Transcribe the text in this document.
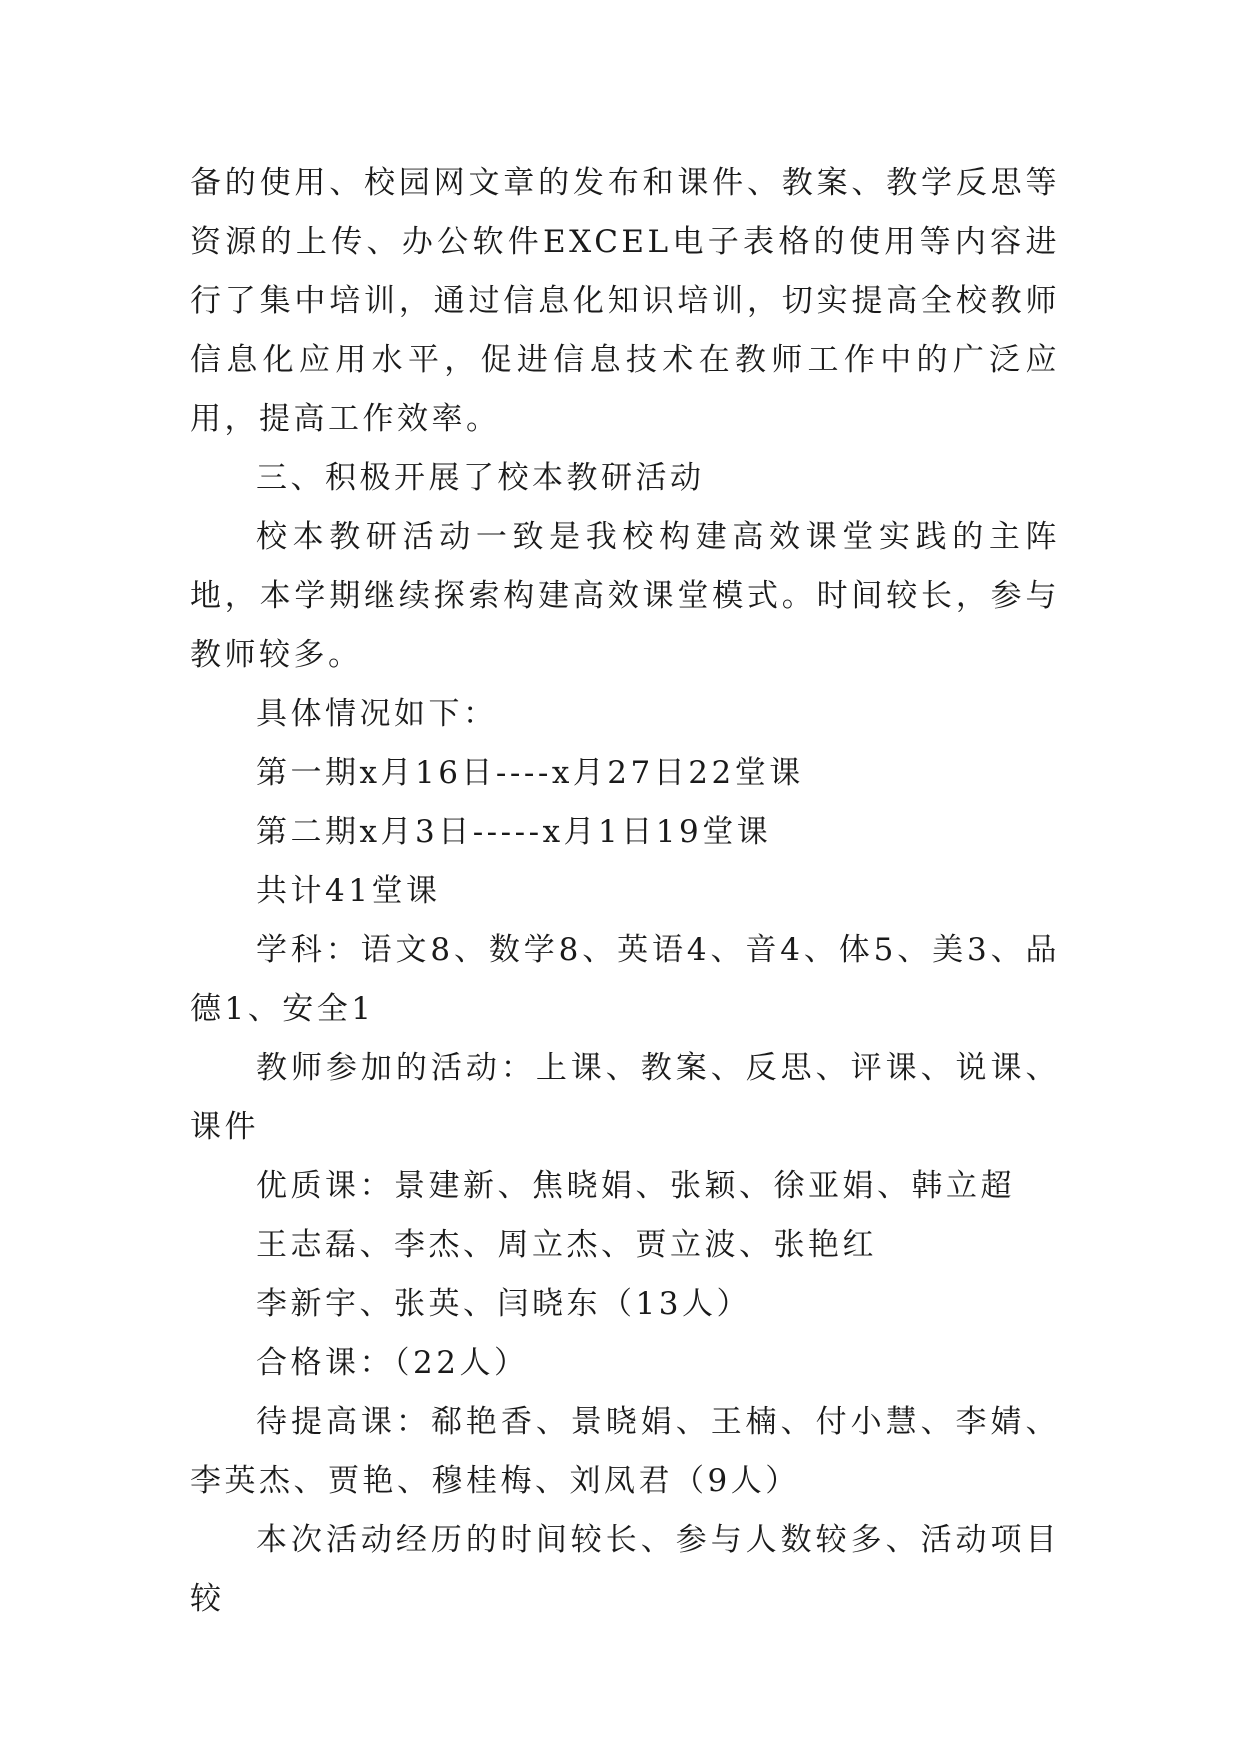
备的使用、校园网文章的发布和课件、教案、教学反思等资源的上传、办公软件EXCEL电子表格的使用等内容进行了集中培训，通过信息化知识培训，切实提高全校教师信息化应用水平，促进信息技术在教师工作中的广泛应用，提高工作效率。

三、积极开展了校本教研活动

校本教研活动一致是我校构建高效课堂实践的主阵地，本学期继续探索构建高效课堂模式。时间较长，参与教师较多。

具体情况如下：

第一期x月16日----x月27日22堂课

第二期x月3日-----x月1日19堂课

共计41堂课

学科：语文8、数学8、英语4、音4、体5、美3、品德1、安全1

教师参加的活动：上课、教案、反思、评课、说课、课件

优质课：景建新、焦晓娟、张颖、徐亚娟、韩立超

王志磊、李杰、周立杰、贾立波、张艳红

李新宇、张英、闫晓东（13人）

合格课：（22人）

待提高课：郗艳香、景晓娟、王楠、付小慧、李婧、李英杰、贾艳、穆桂梅、刘凤君（9人）

本次活动经历的时间较长、参与人数较多、活动项目较
